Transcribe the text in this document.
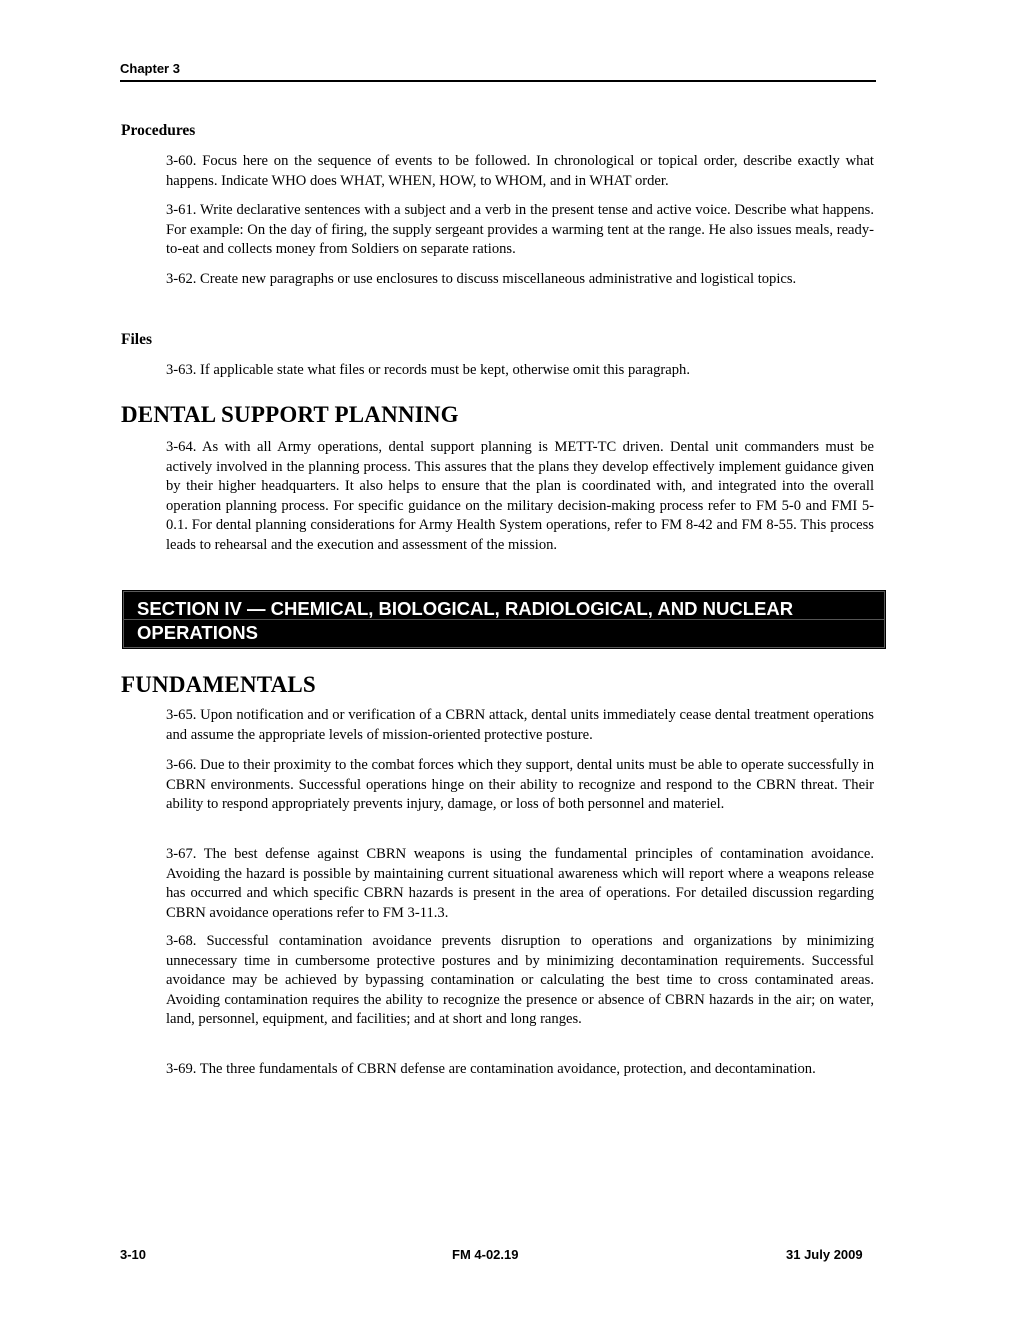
Chapter 3
Procedures

3-60. Focus here on the sequence of events to be followed. In chronological or topical order, describe exactly what happens. Indicate WHO does WHAT, WHEN, HOW, to WHOM, and in WHAT order.

3-61. Write declarative sentences with a subject and a verb in the present tense and active voice. Describe what happens. For example: On the day of firing, the supply sergeant provides a warming tent at the range. He also issues meals, ready-to-eat and collects money from Soldiers on separate rations.

3-62. Create new paragraphs or use enclosures to discuss miscellaneous administrative and logistical topics.

Files

3-63. If applicable state what files or records must be kept, otherwise omit this paragraph.

DENTAL SUPPORT PLANNING

3-64. As with all Army operations, dental support planning is METT-TC driven. Dental unit commanders must be actively involved in the planning process. This assures that the plans they develop effectively implement guidance given by their higher headquarters. It also helps to ensure that the plan is coordinated with, and integrated into the overall operation planning process. For specific guidance on the military decision-making process refer to FM 5-0 and FMI 5-0.1. For dental planning considerations for Army Health System operations, refer to FM 8-42 and FM 8-55. This process leads to rehearsal and the execution and assessment of the mission.

SECTION IV — CHEMICAL, BIOLOGICAL, RADIOLOGICAL, AND NUCLEAR OPERATIONS
FUNDAMENTALS

3-65. Upon notification and or verification of a CBRN attack, dental units immediately cease dental treatment operations and assume the appropriate levels of mission-oriented protective posture.

3-66. Due to their proximity to the combat forces which they support, dental units must be able to operate successfully in CBRN environments. Successful operations hinge on their ability to recognize and respond to the CBRN threat. Their ability to respond appropriately prevents injury, damage, or loss of both personnel and materiel.

3-67. The best defense against CBRN weapons is using the fundamental principles of contamination avoidance. Avoiding the hazard is possible by maintaining current situational awareness which will report where a weapons release has occurred and which specific CBRN hazards is present in the area of operations. For detailed discussion regarding CBRN avoidance operations refer to FM 3-11.3.

3-68. Successful contamination avoidance prevents disruption to operations and organizations by minimizing unnecessary time in cumbersome protective postures and by minimizing decontamination requirements. Successful avoidance may be achieved by bypassing contamination or calculating the best time to cross contaminated areas. Avoiding contamination requires the ability to recognize the presence or absence of CBRN hazards in the air; on water, land, personnel, equipment, and facilities; and at short and long ranges.

3-69. The three fundamentals of CBRN defense are contamination avoidance, protection, and decontamination.

3-10	FM 4-02.19	31 July 2009
